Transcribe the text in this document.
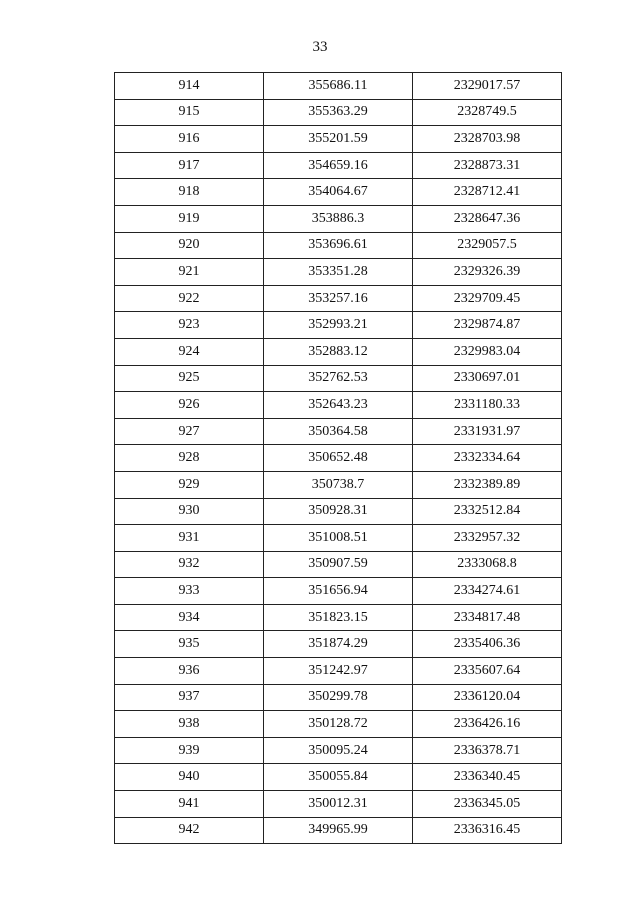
33
914	355686.11	2329017.57
915	355363.29	2328749.5
916	355201.59	2328703.98
917	354659.16	2328873.31
918	354064.67	2328712.41
919	353886.3	2328647.36
920	353696.61	2329057.5
921	353351.28	2329326.39
922	353257.16	2329709.45
923	352993.21	2329874.87
924	352883.12	2329983.04
925	352762.53	2330697.01
926	352643.23	2331180.33
927	350364.58	2331931.97
928	350652.48	2332334.64
929	350738.7	2332389.89
930	350928.31	2332512.84
931	351008.51	2332957.32
932	350907.59	2333068.8
933	351656.94	2334274.61
934	351823.15	2334817.48
935	351874.29	2335406.36
936	351242.97	2335607.64
937	350299.78	2336120.04
938	350128.72	2336426.16
939	350095.24	2336378.71
940	350055.84	2336340.45
941	350012.31	2336345.05
942	349965.99	2336316.45
